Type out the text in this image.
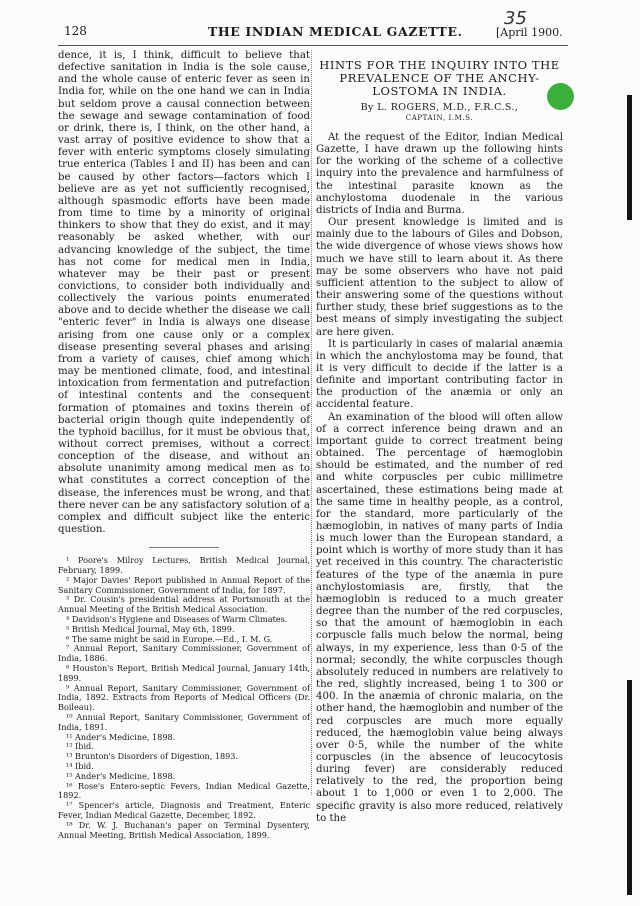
128	THE INDIAN MEDICAL GAZETTE.	[April 1900.
35

dence, it is, I think, difficult to believe that defective sanitation in India is the sole cause, and the whole cause of enteric fever as seen in India for, while on the one hand we can in India but seldom prove a causal connection between the sewage and sewage contamination of food or drink, there is, I think, on the other hand, a vast array of positive evidence to show that a fever with enteric symptoms closely simulating true enterica (Tables I and II) has been and can be caused by other factors—factors which I believe are as yet not sufficiently recognised, although spasmodic efforts have been made from time to time by a minority of original thinkers to show that they do exist, and it may reasonably be asked whether, with our advancing knowledge of the subject, the time has not come for medical men in India, whatever may be their past or present convictions, to consider both individually and collectively the various points enumerated above and to decide whether the disease we call "enteric fever" in India is always one disease arising from one cause only or a complex disease presenting several phases and arising from a variety of causes, chief among which may be mentioned climate, food, and intestinal intoxication from fermentation and putrefaction of intestinal contents and the consequent formation of ptomaines and toxins therein of bacterial origin though quite independently of the typhoid bacillus, for it must be obvious that, without correct premises, without a correct conception of the disease, and without an absolute unanimity among medical men as to what constitutes a correct conception of the disease, the inferences must be wrong, and that there never can be any satisfactory solution of a complex and difficult subject like the enteric question.

¹ Poore's Milroy Lectures, British Medical Journal, February, 1899.

² Major Davies' Report published in Annual Report of the Sanitary Commissioner, Government of India, for 1897.

³ Dr. Cousin's presidential address at Portsmouth at the Annual Meeting of the British Medical Association.

⁴ Davidson's Hygiene and Diseases of Warm Climates.

⁵ British Medical Journal, May 6th, 1899.

⁶ The same might be said in Europe.—Ed., I. M. G.

⁷ Annual Report, Sanitary Commissioner, Government of India, 1886.

⁸ Houston's Report, British Medical Journal, January 14th, 1899.

⁹ Annual Report, Sanitary Commissioner, Government of India, 1892. Extracts from Reports of Medical Officers (Dr. Boileau).

¹⁰ Annual Report, Sanitary Commissioner, Government of India, 1891.

¹¹ Ander's Medicine, 1898.

¹² Ibid.

¹³ Brunton's Disorders of Digestion, 1893.

¹⁴ Ibid.

¹⁵ Ander's Medicine, 1898.

¹⁶ Rose's Entero-septic Fevers, Indian Medical Gazette, 1892.

¹⁷ Spencer's article, Diagnosis and Treatment, Enteric Fever, Indian Medical Gazette, December, 1892.

¹⁸ Dr. W. J. Buchanan's paper on Terminal Dysentery, Annual Meeting, British Medical Association, 1899.

HINTS FOR THE INQUIRY INTO THE PREVALENCE OF THE ANCHY-LOSTOMA IN INDIA.
By L. ROGERS, M.D., F.R.C.S.,
CAPTAIN, I.M.S.

At the request of the Editor, Indian Medical Gazette, I have drawn up the following hints for the working of the scheme of a collective inquiry into the prevalence and harmfulness of the intestinal parasite known as the anchylostoma duodenale in the various districts of India and Burma.

Our present knowledge is limited and is mainly due to the labours of Giles and Dobson, the wide divergence of whose views shows how much we have still to learn about it. As there may be some observers who have not paid sufficient attention to the subject to allow of their answering some of the questions without further study, these brief suggestions as to the best means of simply investigating the subject are here given.

It is particularly in cases of malarial anæmia in which the anchylostoma may be found, that it is very difficult to decide if the latter is a definite and important contributing factor in the production of the anæmia or only an accidental feature.

An examination of the blood will often allow of a correct inference being drawn and an important guide to correct treatment being obtained. The percentage of hæmoglobin should be estimated, and the number of red and white corpuscles per cubic millimetre ascertained, these estimations being made at the same time in healthy people, as a control, for the standard, more particularly of the hæmoglobin, in natives of many parts of India is much lower than the European standard, a point which is worthy of more study than it has yet received in this country. The characteristic features of the type of the anæmia in pure anchylostomiasis are, firstly, that the hæmoglobin is reduced to a much greater degree than the number of the red corpuscles, so that the amount of hæmoglobin in each corpuscle falls much below the normal, being always, in my experience, less than 0·5 of the normal; secondly, the white corpuscles though absolutely reduced in numbers are relatively to the red, slightly increased, being 1 to 300 or 400. In the anæmia of chronic malaria, on the other hand, the hæmoglobin and number of the red corpuscles are much more equally reduced, the hæmoglobin value being always over 0·5, while the number of the white corpuscles (in the absence of leucocytosis during fever) are considerably reduced relatively to the red, the proportion being about 1 to 1,000 or even 1 to 2,000. The specific gravity is also more reduced, relatively to the
